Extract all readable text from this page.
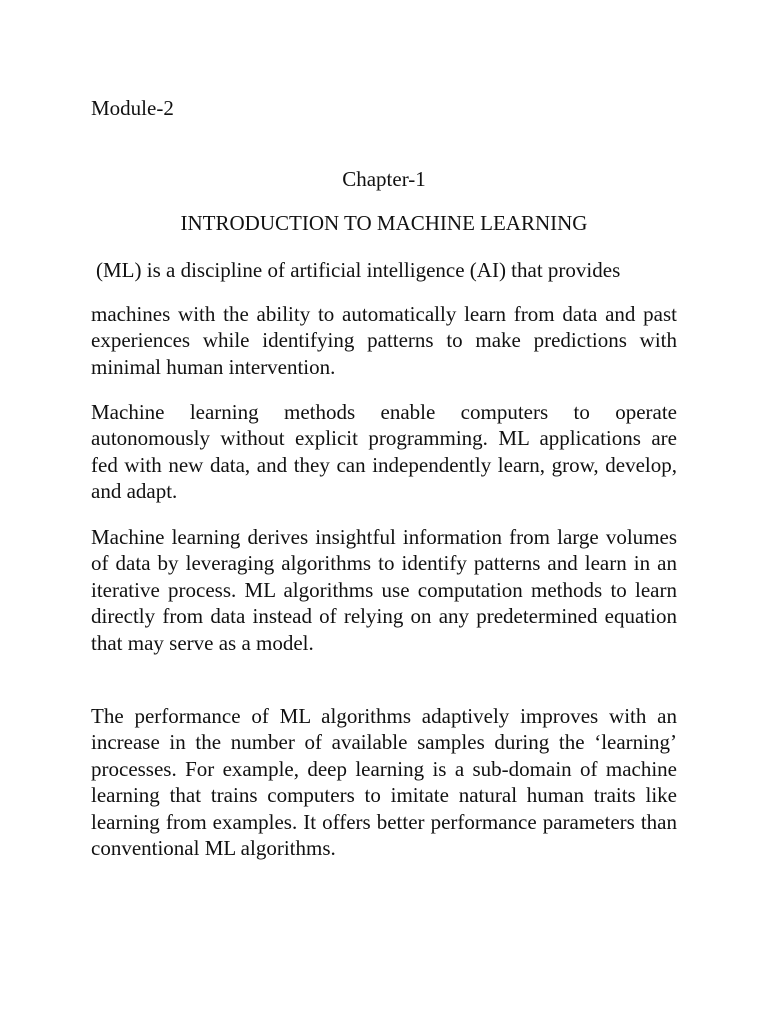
Module-2
Chapter-1
INTRODUCTION TO MACHINE LEARNING

(ML) is a discipline of artificial intelligence (AI) that provides

machines with the ability to automatically learn from data and past experiences while identifying patterns to make predictions with minimal human intervention.

Machine learning methods enable computers to operate autonomously without explicit programming. ML applications are fed with new data, and they can independently learn, grow, develop, and adapt.

Machine learning derives insightful information from large volumes of data by leveraging algorithms to identify patterns and learn in an iterative process. ML algorithms use computation methods to learn directly from data instead of relying on any predetermined equation that may serve as a model.

The performance of ML algorithms adaptively improves with an increase in the number of available samples during the ‘learning’ processes. For example, deep learning is a sub-domain of machine learning that trains computers to imitate natural human traits like learning from examples. It offers better performance parameters than conventional ML algorithms.
